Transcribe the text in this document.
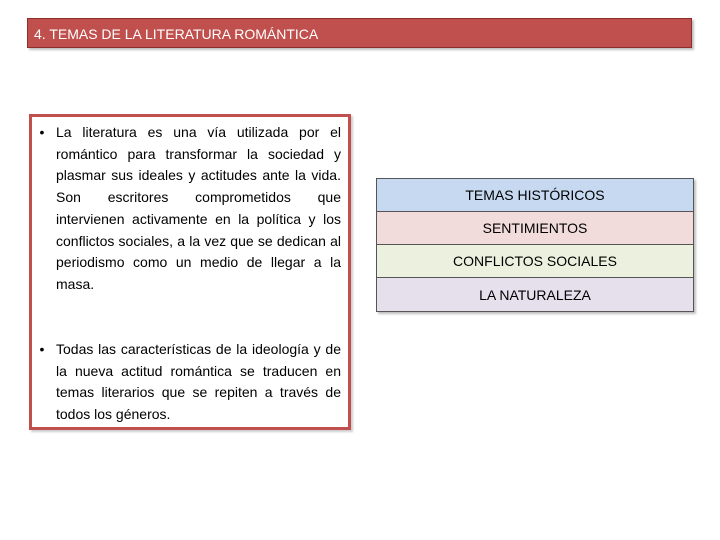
4. TEMAS DE LA LITERATURA ROMÁNTICA
• La literatura es una vía utilizada por el romántico para transformar la sociedad y plasmar sus ideales y actitudes ante la vida. Son escritores comprometidos que intervienen activamente en la política y los conflictos sociales, a la vez que se dedican al periodismo como un medio de llegar a la masa.
• Todas las características de la ideología y de la nueva actitud romántica se traducen en temas literarios que se repiten a través de todos los géneros.
TEMAS HISTÓRICOS
SENTIMIENTOS
CONFLICTOS SOCIALES
LA NATURALEZA
